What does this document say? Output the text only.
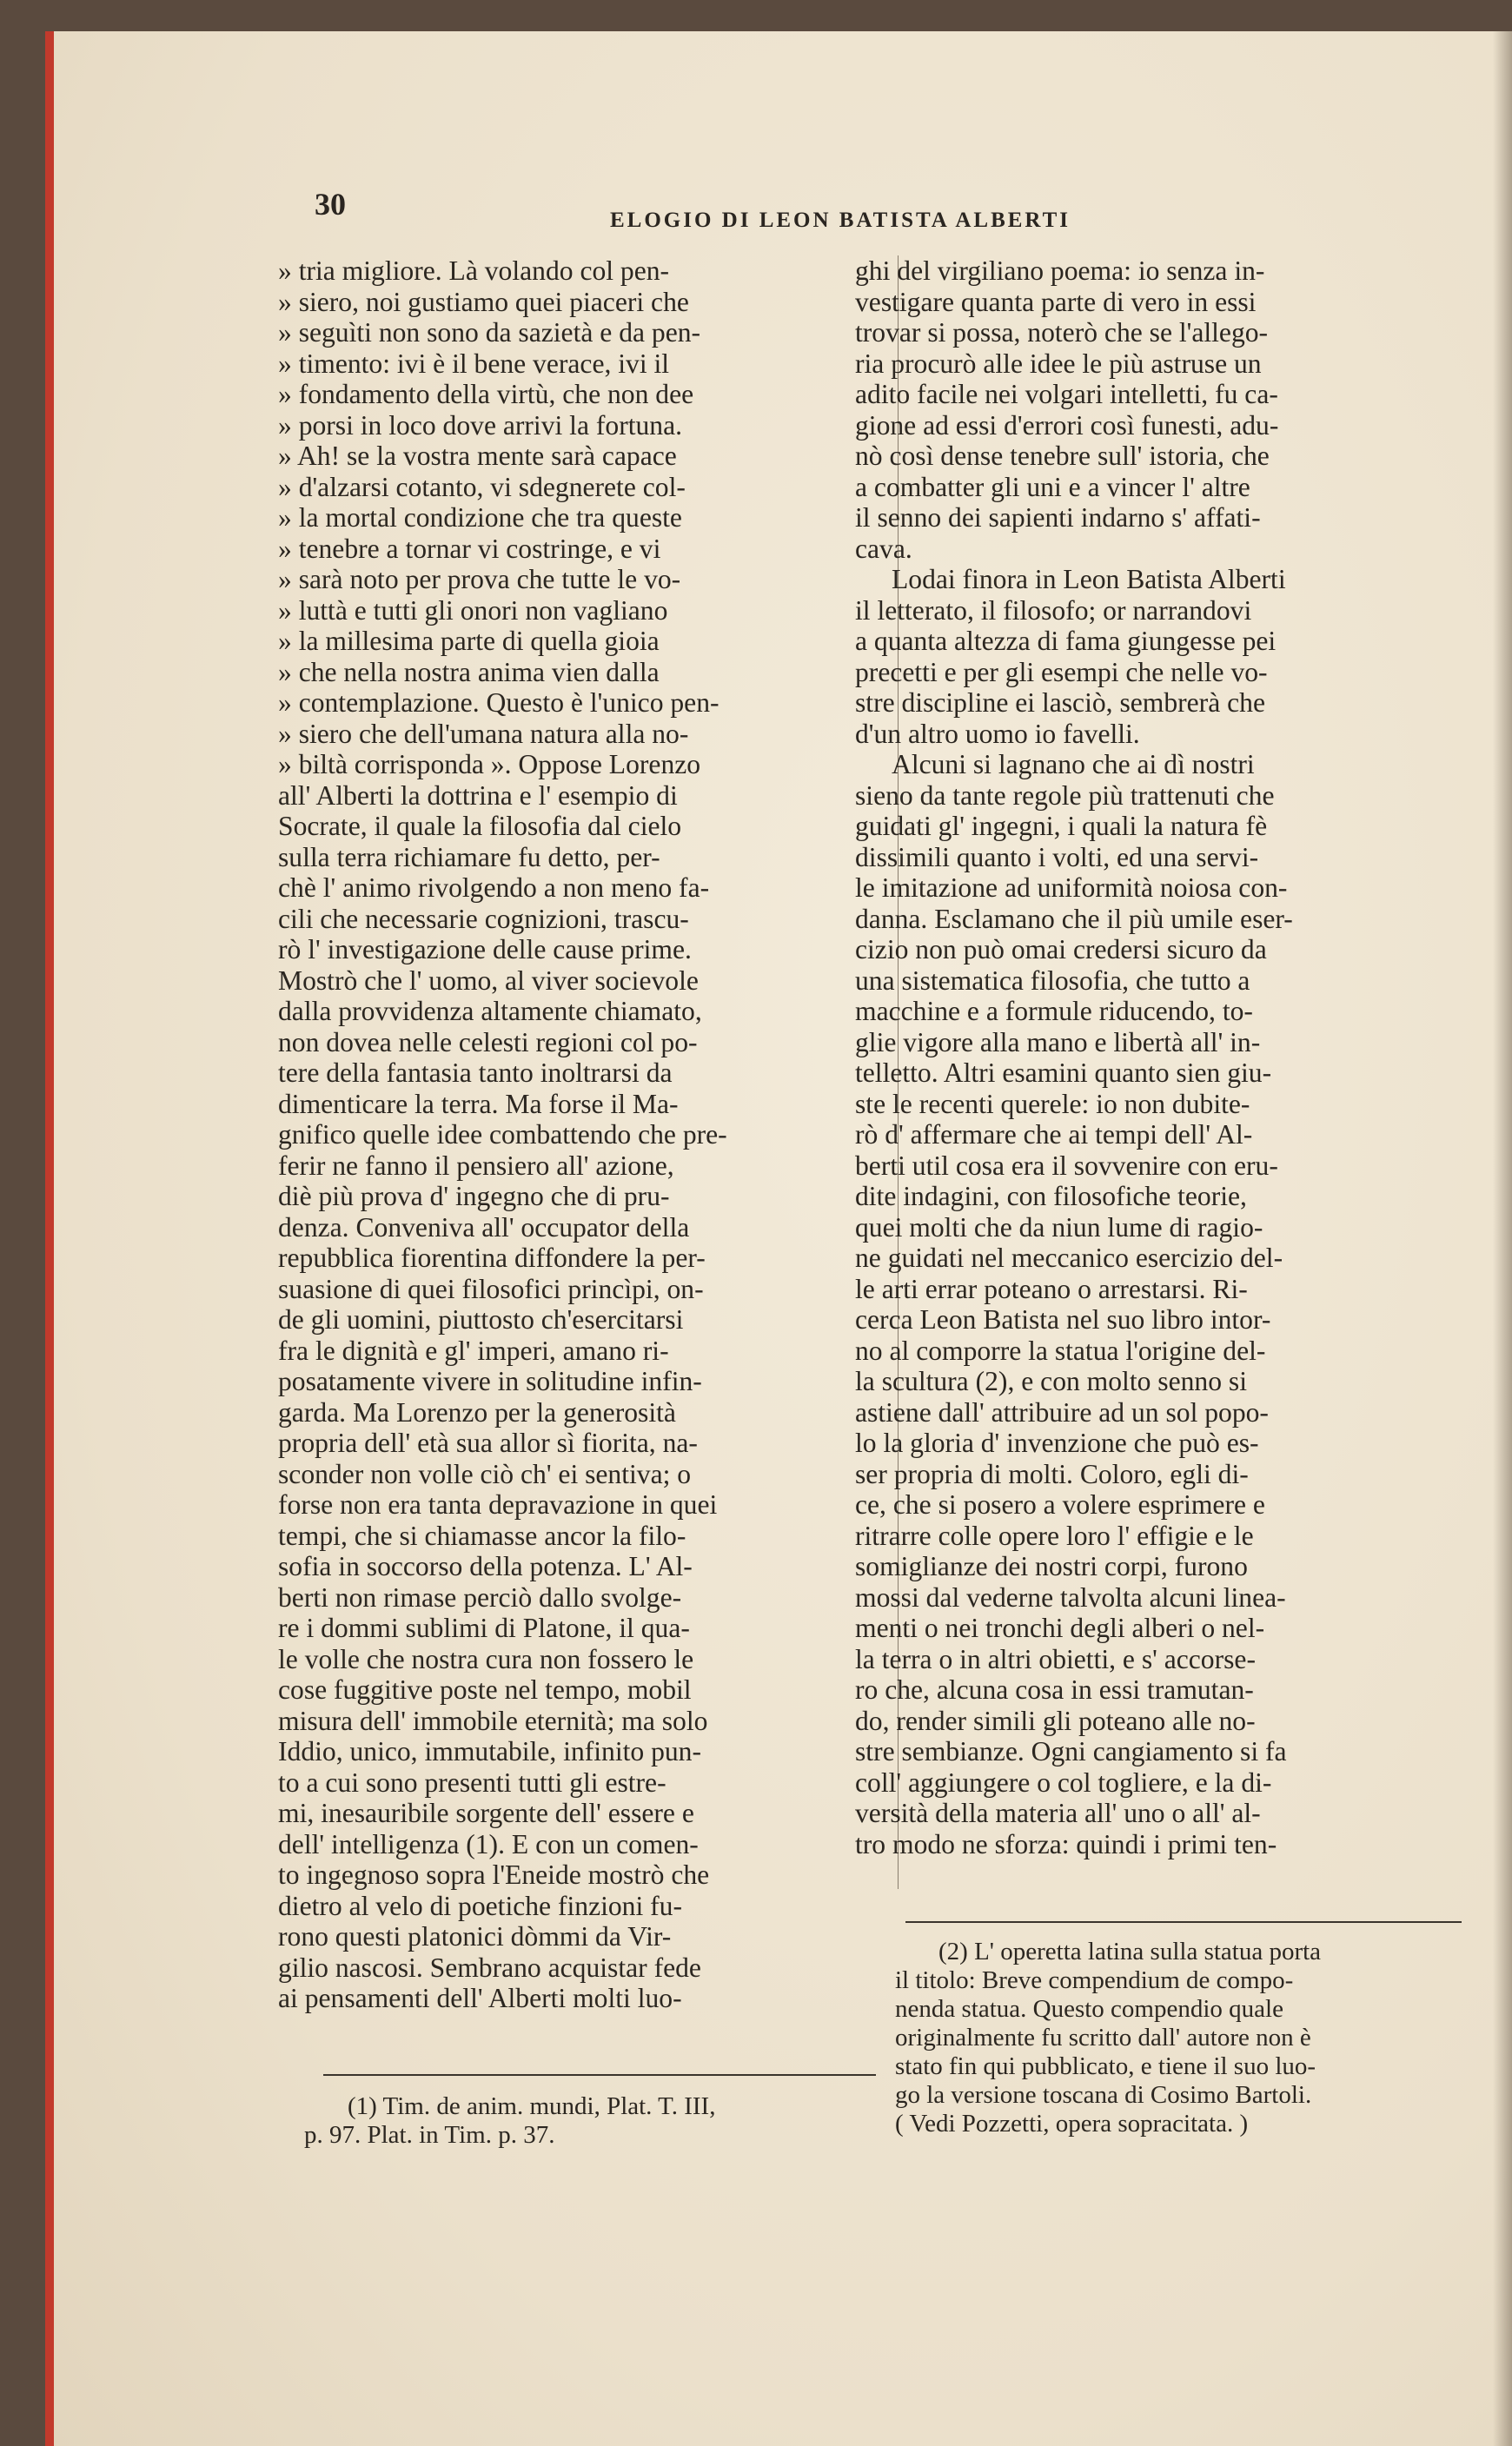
30	ELOGIO DI LEON BATISTA ALBERTI
» tria migliore. Là volando col pen-
» siero, noi gustiamo quei piaceri che
» seguìti non sono da sazietà e da pen-
» timento: ivi è il bene verace, ivi il
» fondamento della virtù, che non dee
» porsi in loco dove arrivi la fortuna.
» Ah! se la vostra mente sarà capace
» d'alzarsi cotanto, vi sdegnerete col-
» la mortal condizione che tra queste
» tenebre a tornar vi costringe, e vi
» sarà noto per prova che tutte le vo-
» luttà e tutti gli onori non vagliano
» la millesima parte di quella gioia
» che nella nostra anima vien dalla
» contemplazione. Questo è l'unico pen-
» siero che dell'umana natura alla no-
» biltà corrisponda ». Oppose Lorenzo
all' Alberti la dottrina e l' esempio di
Socrate, il quale la filosofia dal cielo
sulla terra richiamare fu detto, per-
chè l' animo rivolgendo a non meno fa-
cili che necessarie cognizioni, trascu-
rò l' investigazione delle cause prime.
Mostrò che l' uomo, al viver socievole
dalla provvidenza altamente chiamato,
non dovea nelle celesti regioni col po-
tere della fantasia tanto inoltrarsi da
dimenticare la terra. Ma forse il Ma-
gnifico quelle idee combattendo che pre-
ferir ne fanno il pensiero all' azione,
diè più prova d' ingegno che di pru-
denza. Conveniva all' occupator della
repubblica fiorentina diffondere la per-
suasione di quei filosofici princìpi, on-
de gli uomini, piuttosto ch'esercitarsi
fra le dignità e gl' imperi, amano ri-
posatamente vivere in solitudine infin-
garda. Ma Lorenzo per la generosità
propria dell' età sua allor sì fiorita, na-
sconder non volle ciò ch' ei sentiva; o
forse non era tanta depravazione in quei
tempi, che si chiamasse ancor la filo-
sofia in soccorso della potenza. L' Al-
berti non rimase perciò dallo svolge-
re i dommi sublimi di Platone, il qua-
le volle che nostra cura non fossero le
cose fuggitive poste nel tempo, mobil
misura dell' immobile eternità; ma solo
Iddio, unico, immutabile, infinito pun-
to a cui sono presenti tutti gli estre-
mi, inesauribile sorgente dell' essere e
dell' intelligenza (1). E con un comen-
to ingegnoso sopra l'Eneide mostrò che
dietro al velo di poetiche finzioni fu-
rono questi platonici dòmmi da Vir-
gilio nascosi. Sembrano acquistar fede
ai pensamenti dell' Alberti molti luo-
ghi del virgiliano poema: io senza in-
vestigare quanta parte di vero in essi
trovar si possa, noterò che se l'allego-
ria procurò alle idee le più astruse un
adito facile nei volgari intelletti, fu ca-
gione ad essi d'errori così funesti, adu-
nò così dense tenebre sull' istoria, che
a combatter gli uni e a vincer l' altre
il senno dei sapienti indarno s' affati-
cava.
Lodai finora in Leon Batista Alberti
il letterato, il filosofo; or narrandovi
a quanta altezza di fama giungesse pei
precetti e per gli esempi che nelle vo-
stre discipline ei lasciò, sembrerà che
d'un altro uomo io favelli.
Alcuni si lagnano che ai dì nostri
sieno da tante regole più trattenuti che
guidati gl' ingegni, i quali la natura fè
dissimili quanto i volti, ed una servi-
le imitazione ad uniformità noiosa con-
danna. Esclamano che il più umile eser-
cizio non può omai credersi sicuro da
una sistematica filosofia, che tutto a
macchine e a formule riducendo, to-
glie vigore alla mano e libertà all' in-
telletto. Altri esamini quanto sien giu-
ste le recenti querele: io non dubite-
rò d' affermare che ai tempi dell' Al-
berti util cosa era il sovvenire con eru-
dite indagini, con filosofiche teorie,
quei molti che da niun lume di ragio-
ne guidati nel meccanico esercizio del-
le arti errar poteano o arrestarsi. Ri-
cerca Leon Batista nel suo libro intor-
no al comporre la statua l'origine del-
la scultura (2), e con molto senno si
astiene dall' attribuire ad un sol popo-
lo la gloria d' invenzione che può es-
ser propria di molti. Coloro, egli di-
ce, che si posero a volere esprimere e
ritrarre colle opere loro l' effigie e le
somiglianze dei nostri corpi, furono
mossi dal vederne talvolta alcuni linea-
menti o nei tronchi degli alberi o nel-
la terra o in altri obietti, e s' accorse-
ro che, alcuna cosa in essi tramutan-
do, render simili gli poteano alle no-
stre sembianze. Ogni cangiamento si fa
coll' aggiungere o col togliere, e la di-
versità della materia all' uno o all' al-
tro modo ne sforza: quindi i primi ten-
(2) L' operetta latina sulla statua porta
il titolo: Breve compendium de compo-
nenda statua. Questo compendio quale
originalmente fu scritto dall' autore non è
stato fin qui pubblicato, e tiene il suo luo-
go la versione toscana di Cosimo Bartoli.
( Vedi Pozzetti, opera sopracitata. )
(1) Tim. de anim. mundi, Plat. T. III,
p. 97. Plat. in Tim. p. 37.
